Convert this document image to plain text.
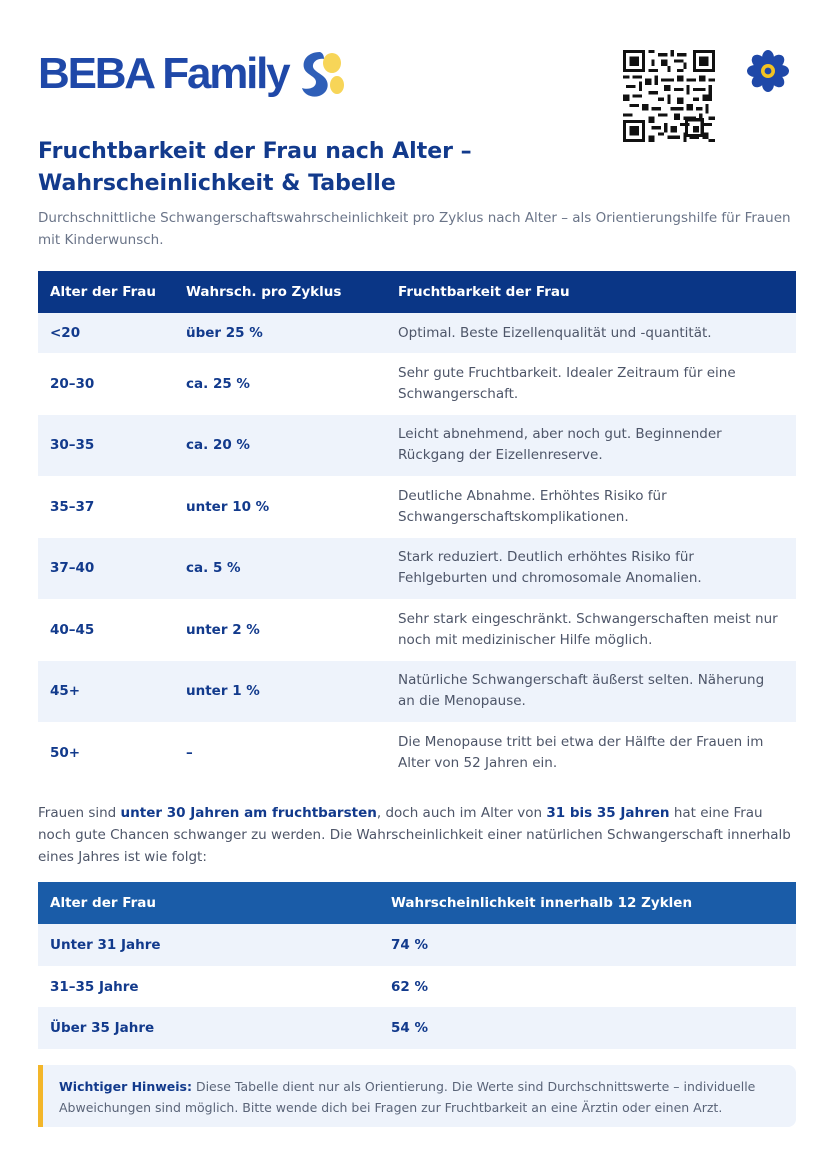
BEBA Family
Fruchtbarkeit der Frau nach Alter – Wahrscheinlichkeit & Tabelle

Durchschnittliche Schwangerschaftswahrscheinlichkeit pro Zyklus nach Alter – als Orientierungshilfe für Frauen mit Kinderwunsch.

Alter der Frau	Wahrsch. pro Zyklus	Fruchtbarkeit der Frau
<20	über 25 %	Optimal. Beste Eizellenqualität und -quantität.
20–30	ca. 25 %	Sehr gute Fruchtbarkeit. Idealer Zeitraum für eine Schwangerschaft.
30–35	ca. 20 %	Leicht abnehmend, aber noch gut. Beginnender Rückgang der Eizellenreserve.
35–37	unter 10 %	Deutliche Abnahme. Erhöhtes Risiko für Schwangerschaftskomplikationen.
37–40	ca. 5 %	Stark reduziert. Deutlich erhöhtes Risiko für Fehlgeburten und chromosomale Anomalien.
40–45	unter 2 %	Sehr stark eingeschränkt. Schwangerschaften meist nur noch mit medizinischer Hilfe möglich.
45+	unter 1 %	Natürliche Schwangerschaft äußerst selten. Näherung an die Menopause.
50+	–	Die Menopause tritt bei etwa der Hälfte der Frauen im Alter von 52 Jahren ein.

Frauen sind unter 30 Jahren am fruchtbarsten, doch auch im Alter von 31 bis 35 Jahren hat eine Frau noch gute Chancen schwanger zu werden. Die Wahrscheinlichkeit einer natürlichen Schwangerschaft innerhalb eines Jahres ist wie folgt:

Alter der Frau	Wahrscheinlichkeit innerhalb 12 Zyklen
Unter 31 Jahre	74 %
31–35 Jahre	62 %
Über 35 Jahre	54 %
Wichtiger Hinweis: Diese Tabelle dient nur als Orientierung. Die Werte sind Durchschnittswerte – individuelle Abweichungen sind möglich. Bitte wende dich bei Fragen zur Fruchtbarkeit an eine Ärztin oder einen Arzt.
